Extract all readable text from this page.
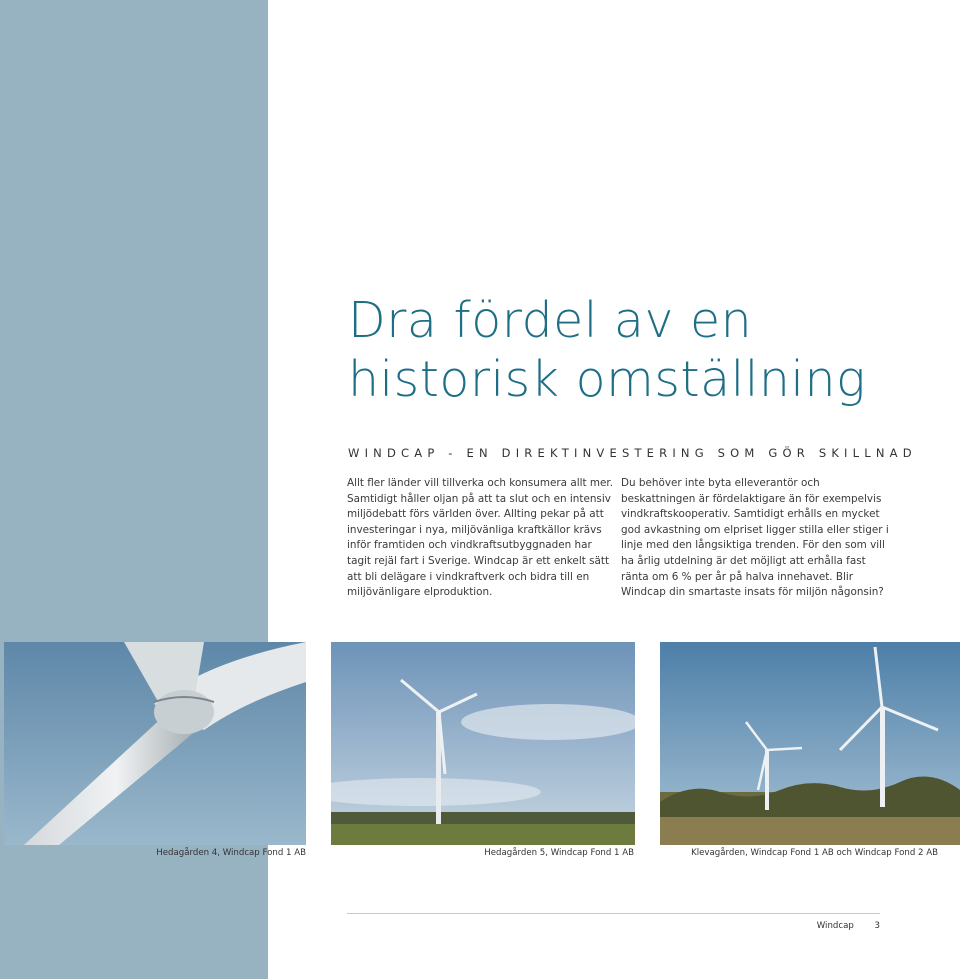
Dra fördel av en
historisk omställning
WINDCAP - EN DIREKTINVESTERING SOM GÖR SKILLNAD

Allt fler länder vill tillverka och konsumera allt mer. Samtidigt håller oljan på att ta slut och en intensiv miljödebatt förs världen över. Allting pekar på att investeringar i nya, miljövänliga kraftkällor krävs inför framtiden och vindkraftsutbyggnaden har tagit rejäl fart i Sverige. Windcap är ett enkelt sätt att bli delägare i vindkraftverk och bidra till en miljövänligare elproduktion.

Du behöver inte byta elleverantör och beskattningen är fördelaktigare än för exempelvis vindkraftskooperativ. Samtidigt erhålls en mycket god avkastning om elpriset ligger stilla eller stiger i linje med den långsiktiga trenden. För den som vill ha årlig utdelning är det möjligt att erhålla fast ränta om 6 % per år på halva innehavet. Blir Windcap din smartaste insats för miljön någonsin?

Hedagården 4, Windcap Fond 1 AB	Hedagården 5, Windcap Fond 1 AB	Klevagården, Windcap Fond 1 AB och Windcap Fond 2 AB
Windcap 3
